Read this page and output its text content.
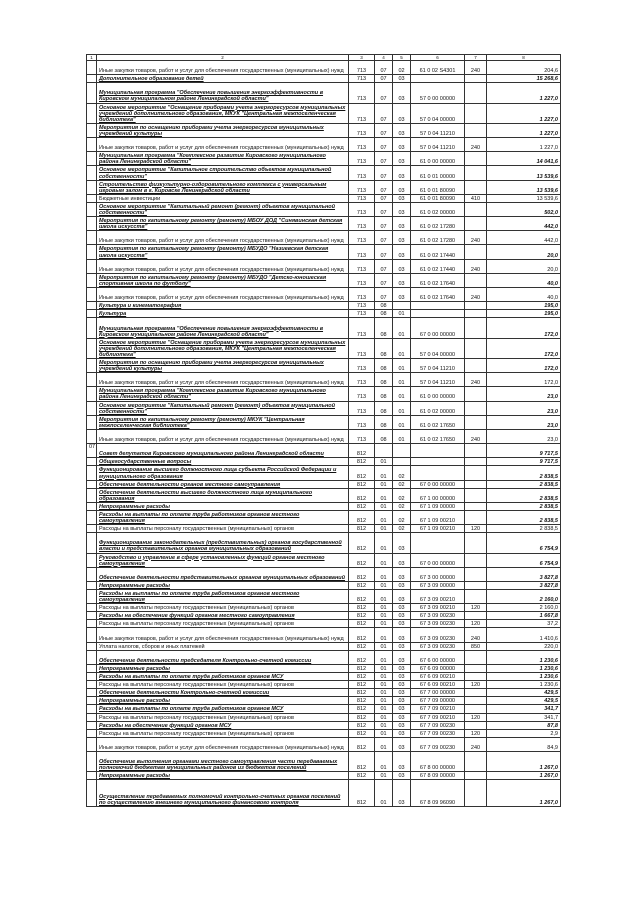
1	2	3	4	5	6	7	8
	Иные закупки товаров, работ и услуг для обеспечения государственных (муниципальных) нужд	713	07	02	61 0 02 S4301	240	204,6
	Дополнительное образование детей	713	07	03			15 268,6
	Муниципальная программа "Обеспечение повышения энергоэффективности в Кировском муниципальном районе Ленинградской области"	713	07	03	57 0 00 00000		1 227,0
	Основное мероприятие "Оснащение приборами учета энергоресурсов муниципальных учреждений дополнительного образования, МКУК "Центральная межпоселенческая библиотека"	713	07	03	57 0 04 00000		1 227,0
	Мероприятия по оснащению приборами учета энергоресурсов муниципальных учреждений культуры	713	07	03	57 0 04 11210		1 227,0
	Иные закупки товаров, работ и услуг для обеспечения государственных (муниципальных) нужд	713	07	03	57 0 04 11210	240	1 227,0
	Муниципальная программа "Комплексное развитие Кировского муниципального района Ленинградской области"	713	07	03	61 0 00 00000		14 041,6
	Основное мероприятие "Капитальное строительство объектов муниципальной собственности"	713	07	03	61 0 01 00000		13 539,6
	Строительство физкультурно-оздоровительного комплекса с универсальным игровым залом в г. Кировске Ленинградской области	713	07	03	61 0 01 80090		13 539,6
	Бюджетные инвестиции	713	07	03	61 0 01 80090	410	13 539,6
	Основное мероприятие "Капитальный ремонт (ремонт) объектов муниципальной собственности"	713	07	03	61 0 02 00000		502,0
	Мероприятия по капитальному ремонту (ремонту) МБОУ ДОД "Синявинская детская школа искусств"	713	07	03	61 0 02 17280		442,0
	Иные закупки товаров, работ и услуг для обеспечения государственных (муниципальных) нужд	713	07	03	61 0 02 17280	240	442,0
	Мероприятия по капитальному ремонту (ремонту) МБУДО "Назиевская детская школа искусств"	713	07	03	61 0 02 17440		20,0
	Иные закупки товаров, работ и услуг для обеспечения государственных (муниципальных) нужд	713	07	03	61 0 02 17440	240	20,0
	Мероприятия по капитальному ремонту (ремонту) МБУДО "Детско-юношеская спортивная школа по футболу"	713	07	03	61 0 02 17640		40,0
	Иные закупки товаров, работ и услуг для обеспечения государственных (муниципальных) нужд	713	07	03	61 0 02 17640	240	40,0
	Культура и кинематография	713	08				195,0
	Культура	713	08	01			195,0
	Муниципальная программа "Обеспечение повышения энергоэффективности в Кировском муниципальном районе Ленинградской области"	713	08	01	67 0 00 00000		172,0
	Основное мероприятие "Оснащение приборами учета энергоресурсов муниципальных учреждений дополнительного образования, МКУК "Центральная межпоселенческая библиотека"	713	08	01	57 0 04 00000		172,0
	Мероприятия по оснащению приборами учета энергоресурсов муниципальных учреждений культуры	713	08	01	57 0 04 11210		172,0
	Иные закупки товаров, работ и услуг для обеспечения государственных (муниципальных) нужд	713	08	01	57 0 04 11210	240	172,0
	Муниципальная программа "Комплексное развитие Кировского муниципального района Ленинградской области"	713	08	01	61 0 00 00000		23,0
	Основное мероприятие "Капитальный ремонт (ремонт) объектов муниципальной собственности"	713	08	01	61 0 02 00000		23,0
	Мероприятия по капитальному ремонту (ремонту) МКУК "Центральная межпоселенческая библиотека"	713	08	01	61 0 02 17650		23,0
	Иные закупки товаров, работ и услуг для обеспечения государственных (муниципальных) нужд	713	08	01	61 0 02 17650	240	23,0
07	Совет депутатов Кировского муниципального района Ленинградской области	812					9 717,5
	Общегосударственные вопросы	812	01				9 717,5
	Функционирование высшего должностного лица субъекта Российской Федерации и муниципального образования	812	01	02			2 838,5
	Обеспечение деятельности органов местного самоуправления	812	01	02	67 0 00 00000		2 838,5
	Обеспечение деятельности высшего должностного лица муниципального образования	812	01	02	67 1 00 00000		2 838,5
	Непрограммные расходы	812	01	02	67 1 09 00000		2 838,5
	Расходы на выплаты по оплате труда работников органов местного самоуправления	812	01	02	67 1 09 00210		2 838,5
	Расходы на выплаты персоналу государственных (муниципальных) органов	812	01	02	67 1 09 00210	120	2 838,5
	Функционирование законодательных (представительных) органов государственной власти и представительных органов муниципальных образований	812	01	03			6 754,9
	Руководство и управление в сфере установленных функций органов местного самоуправления	812	01	03	67 0 00 00000		6 754,9
	Обеспечение деятельности представительных органов муниципальных образований	812	01	03	67 3 00 00000		3 827,8
	Непрограммные расходы	812	01	03	67 3 09 00000		3 827,8
	Расходы на выплаты по оплате труда работников органов местного самоуправления	812	01	03	67 3 09 00210		2 160,0
	Расходы на выплаты персоналу государственных (муниципальных) органов	812	01	03	67 3 09 00210	120	2 160,0
	Расходы на обеспечение функций органов местного самоуправления	812	01	03	67 3 09 00230		1 667,8
	Расходы на выплаты персоналу государственных (муниципальных) органов	812	01	03	67 3 09 00230	120	37,2
	Иные закупки товаров, работ и услуг для обеспечения государственных (муниципальных) нужд	812	01	03	67 3 09 00230	240	1 410,6
	Уплата налогов, сборов и иных платежей	812	01	03	67 3 09 00230	850	220,0
	Обеспечение деятельности председателя Контрольно-счетной комиссии	812	01	03	67 6 00 00000		1 230,6
	Непрограммные расходы	812	01	03	67 6 09 00000		1 230,6
	Расходы на выплаты по оплате труда работников органов МСУ	812	01	03	67 6 09 00210		1 230,6
	Расходы на выплаты персоналу государственных (муниципальных) органов	812	01	03	67 6 09 00210	120	1 230,6
	Обеспечение деятельности Контрольно-счетной комиссии	812	01	03	67 7 00 00000		429,5
	Непрограммные расходы	812	01	03	67 7 09 00000		429,5
	Расходы на выплаты по оплате труда работников органов МСУ	812	01	03	67 7 09 00210		341,7
	Расходы на выплаты персоналу государственных (муниципальных) органов	812	01	03	67 7 09 00210	120	341,7
	Расходы на обеспечение функций органов МСУ	812	01	03	67 7 09 00230		87,8
	Расходы на выплаты персоналу государственных (муниципальных) органов	812	01	03	67 7 09 00230	120	2,9
	Иные закупки товаров, работ и услуг для обеспечения государственных (муниципальных) нужд	812	01	03	67 7 09 00230	240	84,9
	Обеспечение выполнения органами местного самоуправления части передаваемых полномочий бюджетам муниципальных районов из бюджетов поселений	812	01	03	67 8 00 00000		1 267,0
	Непрограммные расходы	812	01	03	67 8 09 00000		1 267,0
	Осуществление передаваемых полномочий контрольно-счетных органов поселений по осуществлению внешнего муниципального финансового контроля	812	01	03	67 8 09 96090		1 267,0
